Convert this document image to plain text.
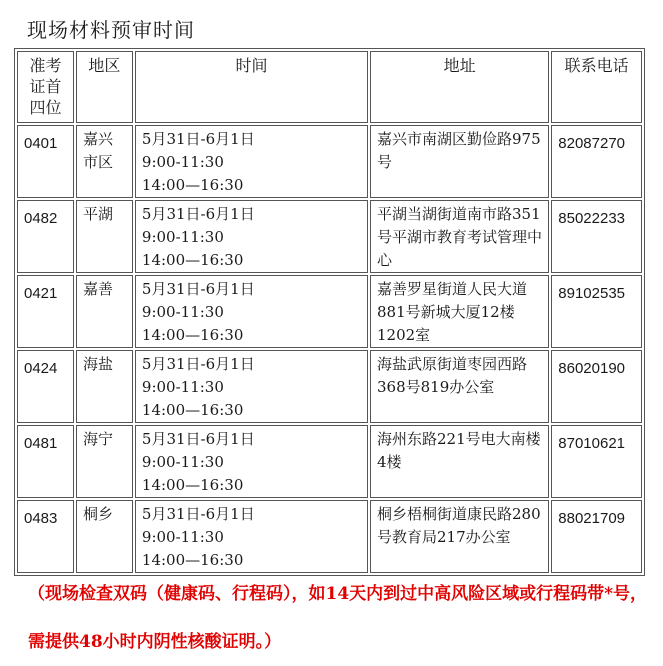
现场材料预审时间
准考证首四位	地区	时间	地址	联系电话
0401	嘉兴市区	5月31日-6月1日
9:00-11:30
14:00—16:30	嘉兴市南湖区勤俭路975号	82087270
0482	平湖	5月31日-6月1日
9:00-11:30
14:00—16:30	平湖当湖街道南市路351号平湖市教育考试管理中心	85022233
0421	嘉善	5月31日-6月1日
9:00-11:30
14:00—16:30	嘉善罗星街道人民大道881号新城大厦12楼1202室	89102535
0424	海盐	5月31日-6月1日
9:00-11:30
14:00—16:30	海盐武原街道枣园西路368号819办公室	86020190
0481	海宁	5月31日-6月1日
9:00-11:30
14:00—16:30	海州东路221号电大南楼4楼	87010621
0483	桐乡	5月31日-6月1日
9:00-11:30
14:00—16:30	桐乡梧桐街道康民路280号教育局217办公室	88021709
（现场检查双码（健康码、行程码），如14天内到过中高风险区域或行程码带*号，需提供48小时内阴性核酸证明。）
